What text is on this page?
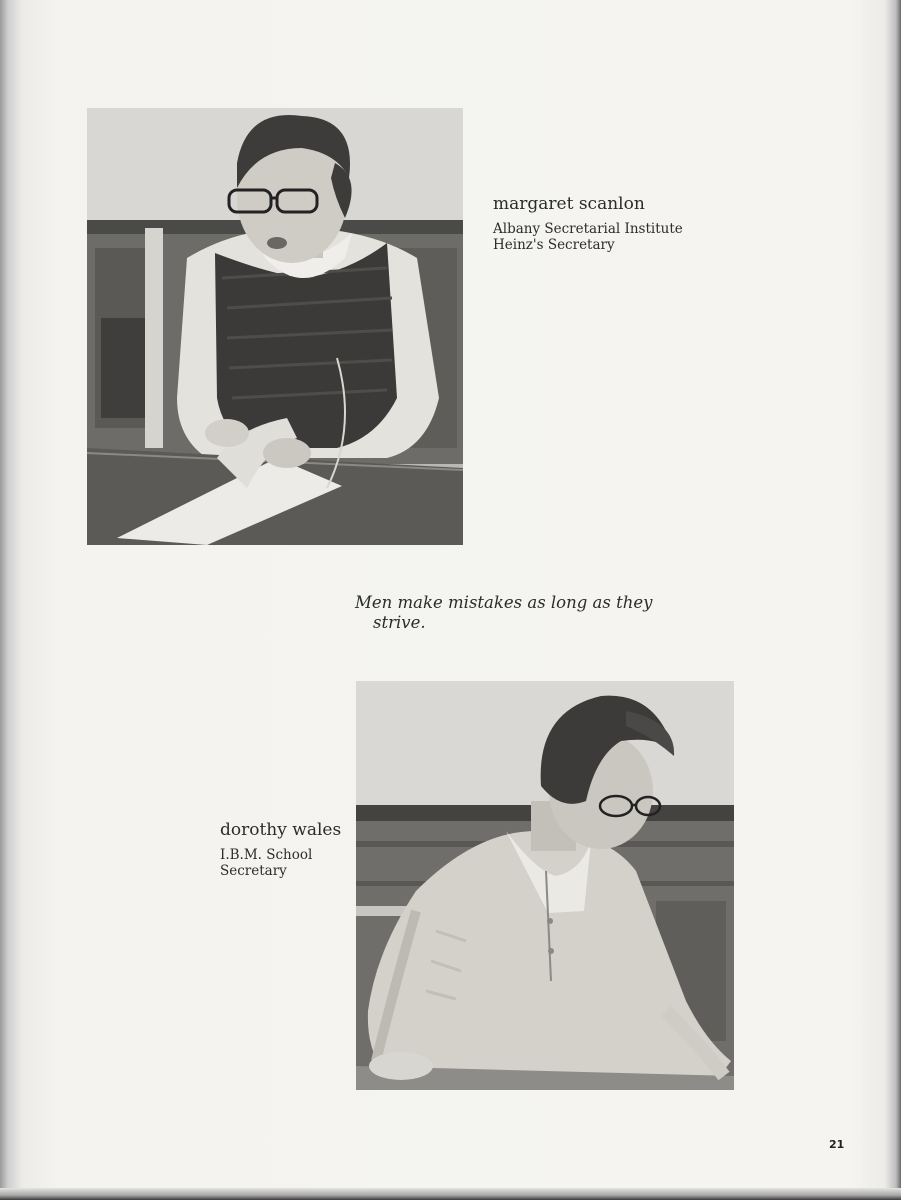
margaret scanlon
Albany Secretarial Institute
Heinz's Secretary
Men make mistakes as long as they
strive.
dorothy wales
I.B.M. School
Secretary
21
